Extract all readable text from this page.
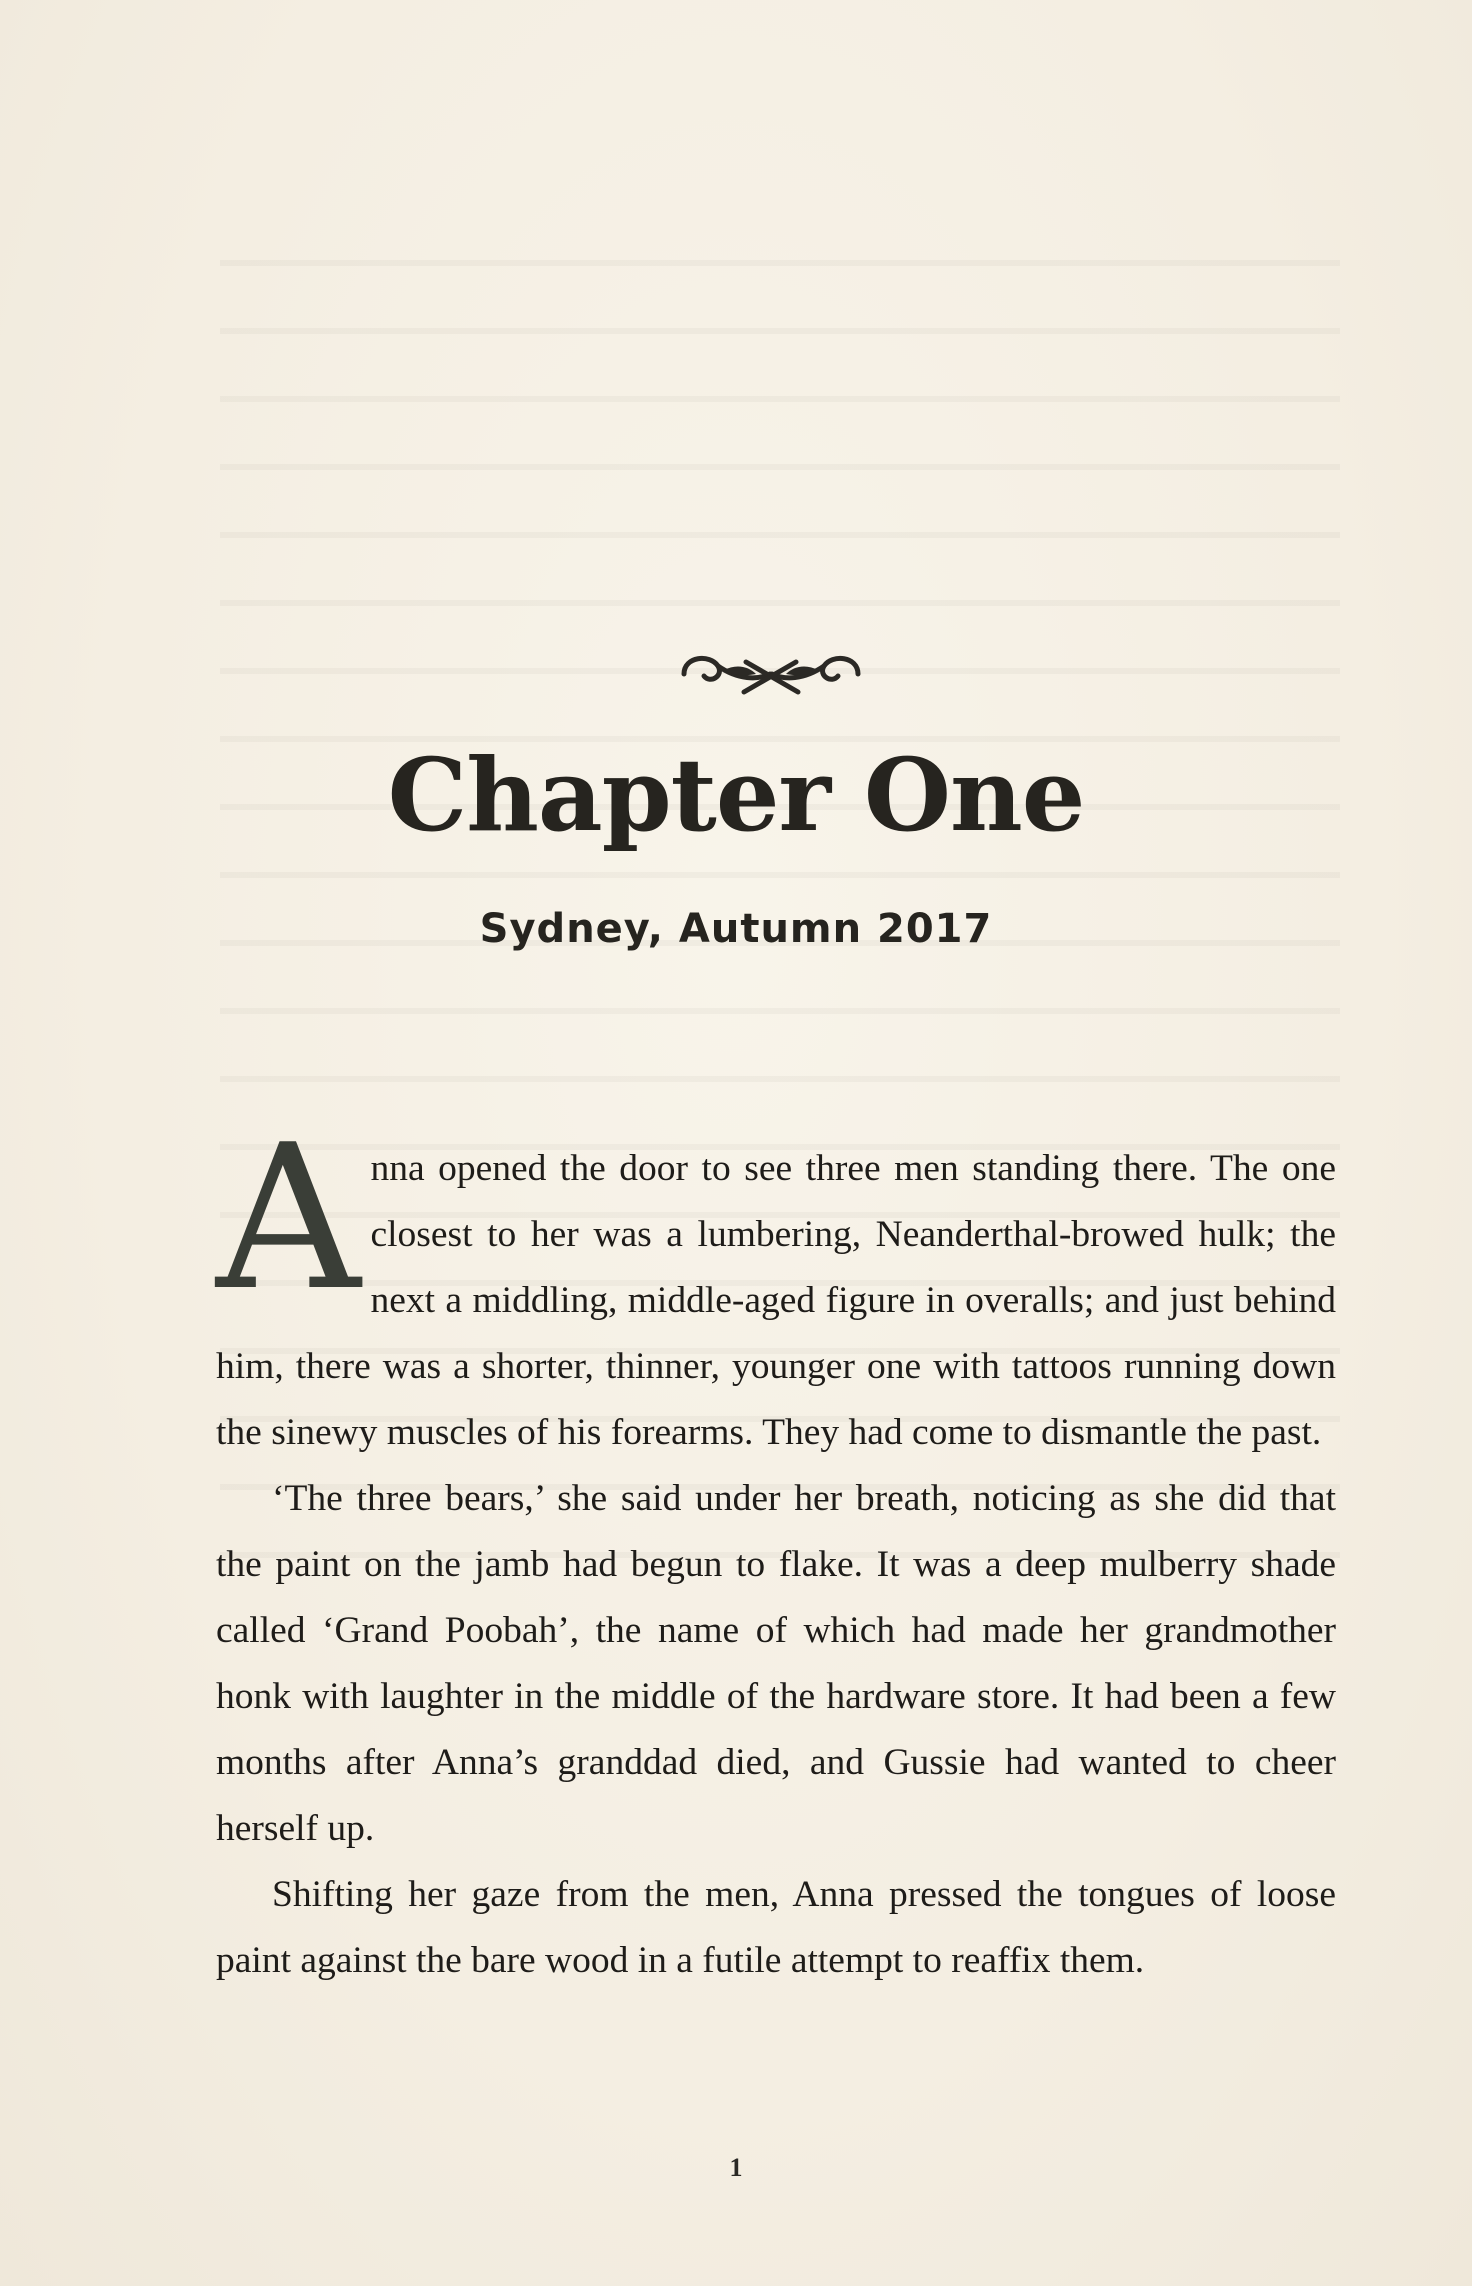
Chapter One
Sydney, Autumn 2017

Anna opened the door to see three men standing there. The one closest to her was a lumbering, Neanderthal-browed hulk; the next a middling, middle-aged figure in overalls; and just behind him, there was a shorter, thinner, younger one with tattoos running down the sinewy muscles of his forearms. They had come to dismantle the past.

‘The three bears,’ she said under her breath, noticing as she did that the paint on the jamb had begun to flake. It was a deep mulberry shade called ‘Grand Poobah’, the name of which had made her grandmother honk with laughter in the middle of the hardware store. It had been a few months after Anna’s granddad died, and Gussie had wanted to cheer herself up.

Shifting her gaze from the men, Anna pressed the tongues of loose paint against the bare wood in a futile attempt to reaffix them.

1
